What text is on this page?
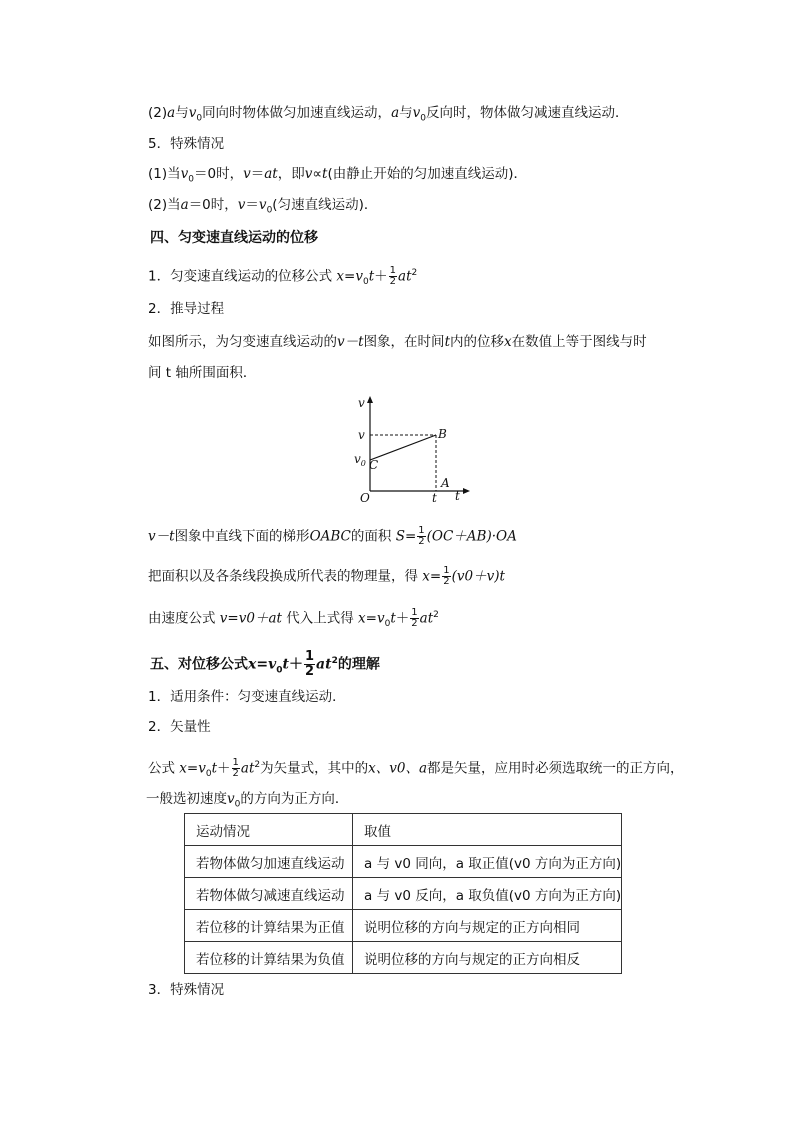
(2)a与$v_0$同向时物体做匀加速直线运动，a与$v_0$反向时，物体做匀减速直线运动．
5．特殊情况
(1)当$v_0=0$时，v＝at，即v∝t(由静止开始的匀加速直线运动)．
(2)当a＝0时，$v=v_0$(匀速直线运动)．
四、匀变速直线运动的位移
1．匀变速直线运动的位移公式 $x=v_0t+ \frac{1}{2} at^2$
2．推导过程
如图所示，为匀变速直线运动的v－t图象，在时间t内的位移x在数值上等于图线与时
间 t 轴所围面积．
v
v
$v_0$ C
B
A
O	t t
v－t图象中直线下面的梯形OABC的面积 $S= \frac{1}{2} (OC+AB)\cdot OA$
把面积以及各条线段换成所代表的物理量，得 $x= \frac{1}{2} (v0+v)t$
由速度公式 v=v0＋at 代入上式得 $x=v_0t+ \frac{1}{2} at^2$
五、对位移公式$x=v_0t+ \frac{1}{2} at^2$的理解
1．适用条件：匀变速直线运动．
2．矢量性
公式 $x=v_0t+ \frac{1}{2} at^2$为矢量式，其中的x、v0、a都是矢量，应用时必须选取统一的正方向，
一般选初速度$v_0$的方向为正方向．
运动情况	取值
若物体做匀加速直线运动	a 与 v0 同向，a 取正值(v0 方向为正方向)
若物体做匀减速直线运动	a 与 v0 反向，a 取负值(v0 方向为正方向)
若位移的计算结果为正值	说明位移的方向与规定的正方向相同
若位移的计算结果为负值	说明位移的方向与规定的正方向相反
3．特殊情况
